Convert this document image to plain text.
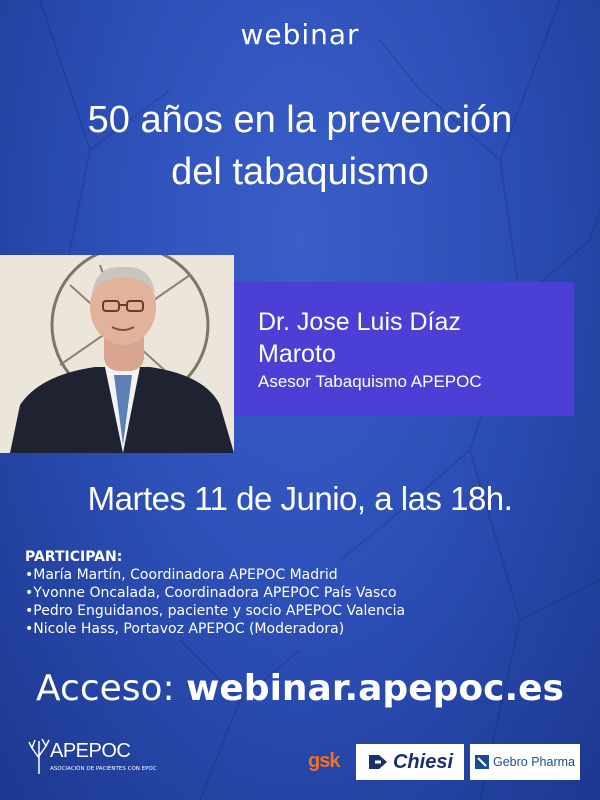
webinar
50 años en la prevención
del tabaquismo
Dr. Jose Luis Díaz
Maroto
Asesor Tabaquismo APEPOC
Martes 11 de Junio, a las 18h.
PARTICIPAN:
•María Martín, Coordinadora APEPOC Madrid
•Yvonne Oncalada, Coordinadora APEPOC País Vasco
•Pedro Enguidanos, paciente y socio APEPOC Valencia
•Nicole Hass, Portavoz APEPOC (Moderadora)
Acceso: webinar.apepoc.es
APEPOC
ASOCIACIÓN DE PACIENTES CON EPOC	gsk	Chiesi	Gebro Pharma
